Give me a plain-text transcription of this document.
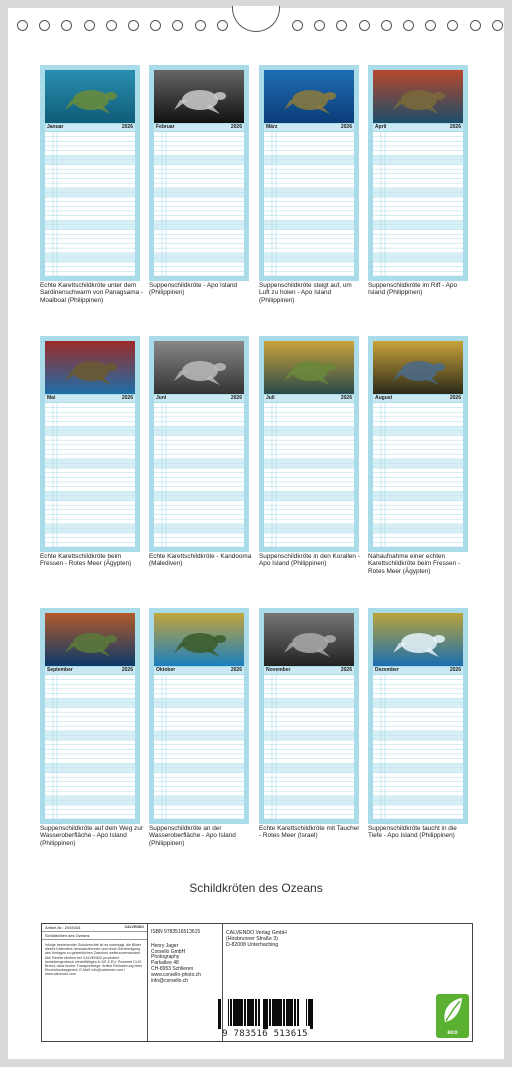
Januar	2026
Echte Karettschildkröte unter dem Sardinenschwarm von Panagsama - Moalboal (Philippinen)
Februar	2026
Suppenschildkröte - Apo Island (Philippinen)
März	2026
Suppenschildkröte steigt auf, um Luft zu holen - Apo Island (Philippinen)
April	2026
Suppenschildkröte im Riff - Apo Island (Philippinen)
Mai	2026
Echte Karettschildkröte beim Fressen - Rotes Meer (Ägypten)
Juni	2026
Echte Karettschildkröte - Kandooma (Malediven)
Juli	2026
Suppenschildkröte in den Korallen - Apo Island (Philippinen)
August	2026
Nahaufnahme einer echten Karettschildkröte beim Fressen - Rotes Meer (Ägypten)
September	2026
Suppenschildkröte auf dem Weg zur Wasseroberfläche - Apo Island (Philippinen)
Oktober	2026
Suppenschildkröte an der Wasseroberfläche - Apo Island (Philippinen)
November	2026
Echte Karettschildkröte mit Taucher - Rotes Meer (Israel)
Dezember	2026
Suppenschildkröte taucht in die Tiefe - Apo Island (Philippinen)
Schildkröten des Ozeans
Artikel-Nr.: 2045434	CALVENDO
Schildkröten des Ozeans
Infolge bestehender Schutzrechte ist es untersagt, die Bilder dieses Kalenders herauszutrennen und ohne Genehmigung des Verlages zu gewerblichen Zwecken weiterzuverwenden. Alle Rechte bleiben bei CALVENDO produziert heidelbergerdruck vervielfältigen in DE & EU. Powered CLIO Brand; dank bunter Transportwege: Artikel Reduzierung beim Einzeldrucksegment; E-Mail: info@calvendo.com / www.calvendo.com
ISBN 9783516513615
Henry Jager
Corsello GmbH
Photography
Parkallee 48
CH-8953 Schlieren
www.corsello-photo.ch
info@corsello.ch
CALVENDO Verlag GmbH
(Hirsbrunner Straße 3)
D-82008 Unterhaching
9 783516 513615	eco
